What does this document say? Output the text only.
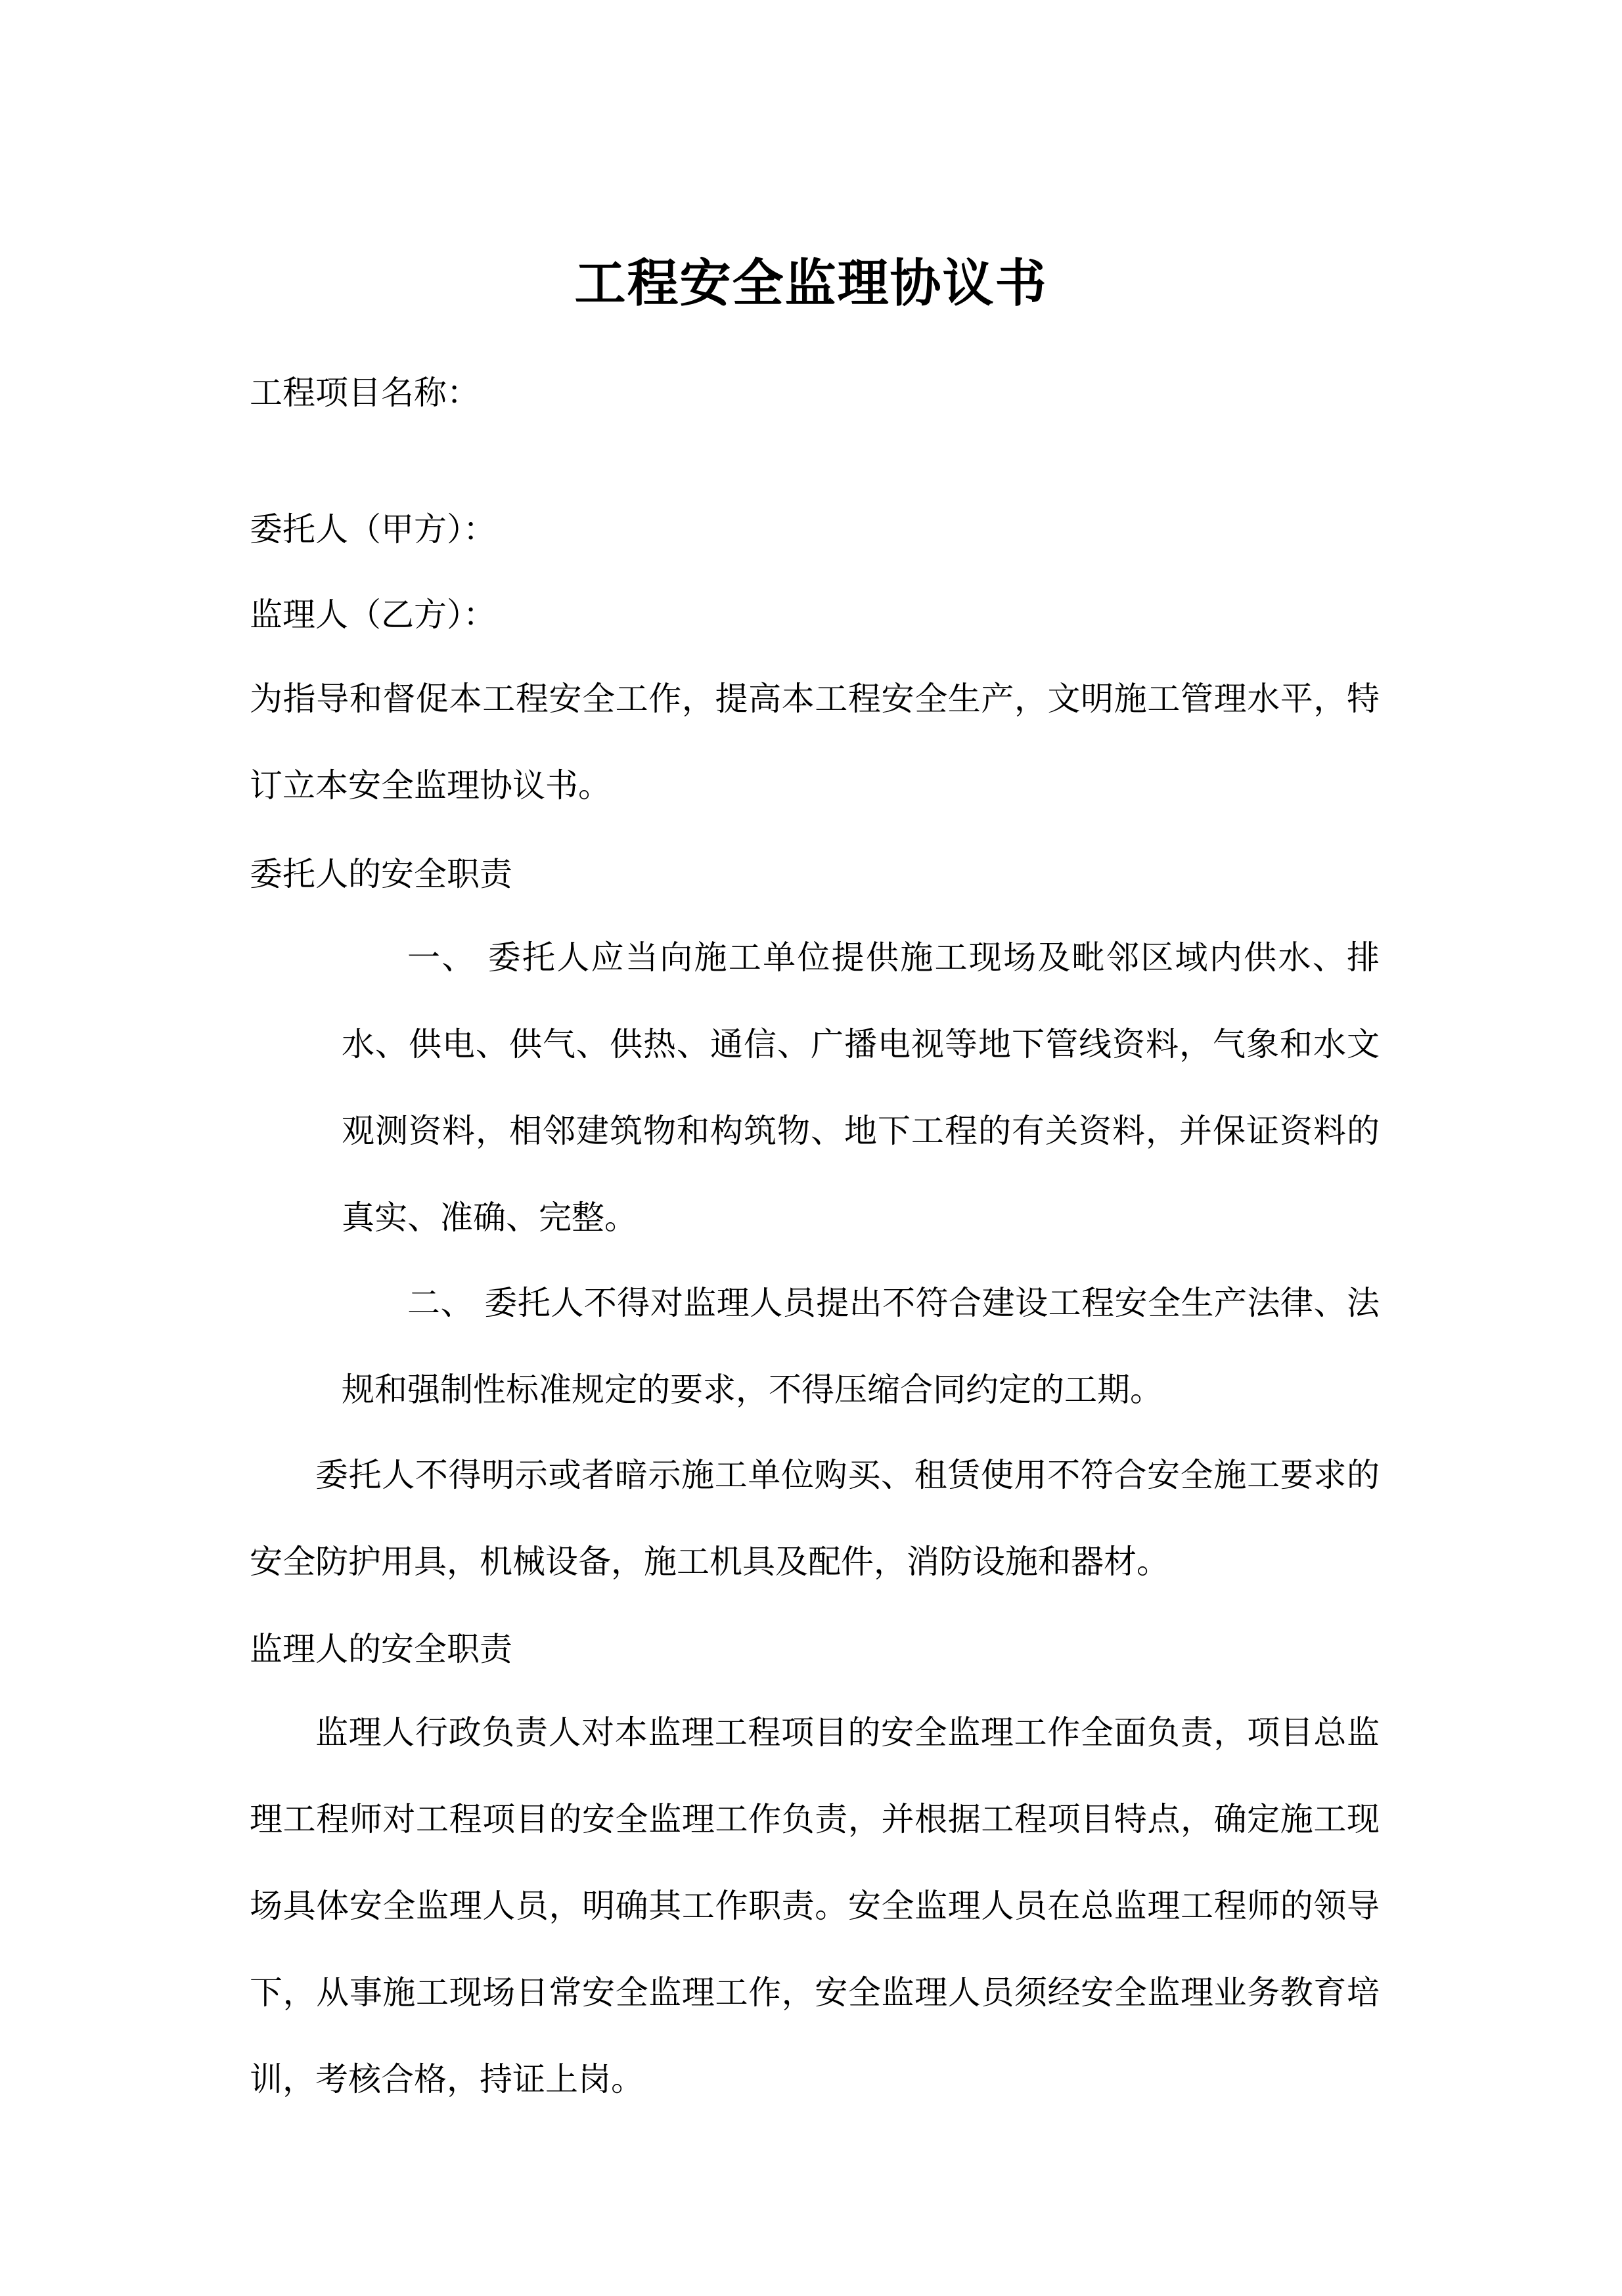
工程安全监理协议书

工程项目名称：

委托人（甲方）：

监理人（乙方）：

为指导和督促本工程安全工作，提高本工程安全生产，文明施工管理水平，特订立本安全监理协议书。

委托人的安全职责

一、 委托人应当向施工单位提供施工现场及毗邻区域内供水、排水、供电、供气、供热、通信、广播电视等地下管线资料，气象和水文观测资料，相邻建筑物和构筑物、地下工程的有关资料，并保证资料的真实、准确、完整。

二、 委托人不得对监理人员提出不符合建设工程安全生产法律、法规和强制性标准规定的要求，不得压缩合同约定的工期。

委托人不得明示或者暗示施工单位购买、租赁使用不符合安全施工要求的安全防护用具，机械设备，施工机具及配件，消防设施和器材。

监理人的安全职责

监理人行政负责人对本监理工程项目的安全监理工作全面负责，项目总监理工程师对工程项目的安全监理工作负责，并根据工程项目特点，确定施工现场具体安全监理人员，明确其工作职责。安全监理人员在总监理工程师的领导下，从事施工现场日常安全监理工作，安全监理人员须经安全监理业务教育培训，考核合格，持证上岗。
